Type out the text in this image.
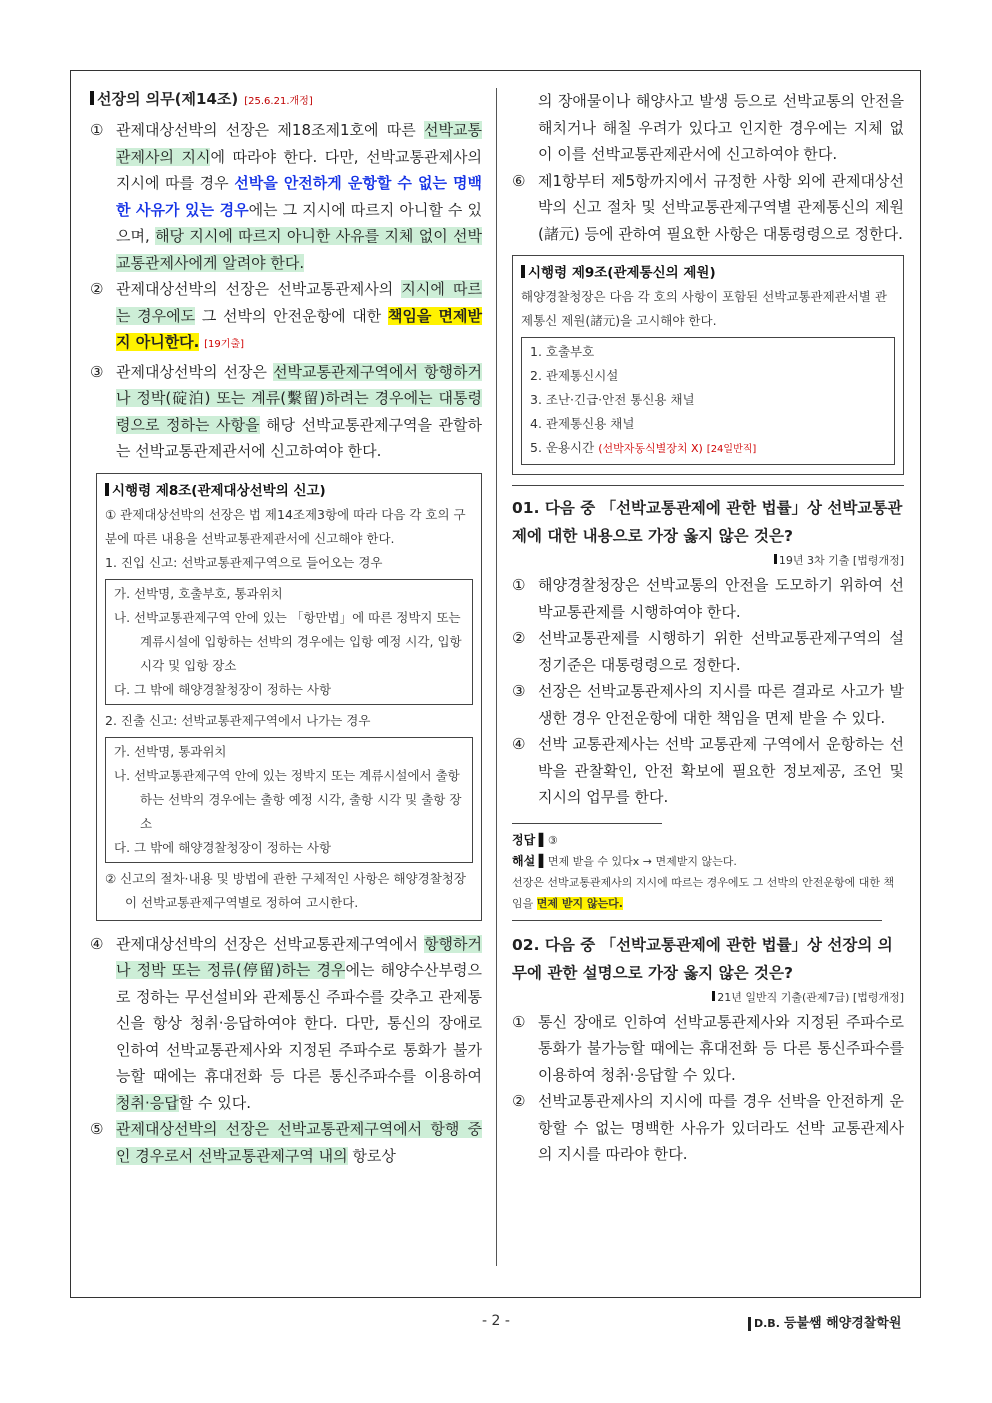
선장의 의무(제14조) [25.6.21.개정]

① 관제대상선박의 선장은 제18조제1호에 따른 선박교통관제사의 지시에 따라야 한다. 다만, 선박교통관제사의 지시에 따를 경우 선박을 안전하게 운항할 수 없는 명백한 사유가 있는 경우에는 그 지시에 따르지 아니할 수 있으며, 해당 지시에 따르지 아니한 사유를 지체 없이 선박교통관제사에게 알려야 한다.

② 관제대상선박의 선장은 선박교통관제사의 지시에 따르는 경우에도 그 선박의 안전운항에 대한 책임을 면제받지 아니한다. [19기출]

③ 관제대상선박의 선장은 선박교통관제구역에서 항행하거나 정박(碇泊) 또는 계류(繫留)하려는 경우에는 대통령령으로 정하는 사항을 해당 선박교통관제구역을 관할하는 선박교통관제관서에 신고하여야 한다.

시행령 제8조(관제대상선박의 신고)
① 관제대상선박의 선장은 법 제14조제3항에 따라 다음 각 호의 구분에 따른 내용을 선박교통관제관서에 신고해야 한다.
1. 진입 신고: 선박교통관제구역으로 들어오는 경우
가. 선박명, 호출부호, 통과위치
나. 선박교통관제구역 안에 있는 「항만법」에 따른 정박지 또는 계류시설에 입항하는 선박의 경우에는 입항 예정 시각, 입항 시각 및 입항 장소
다. 그 밖에 해양경찰청장이 정하는 사항
2. 진출 신고: 선박교통관제구역에서 나가는 경우
가. 선박명, 통과위치
나. 선박교통관제구역 안에 있는 정박지 또는 계류시설에서 출항하는 선박의 경우에는 출항 예정 시각, 출항 시각 및 출항 장소
다. 그 밖에 해양경찰청장이 정하는 사항
② 신고의 절차·내용 및 방법에 관한 구체적인 사항은 해양경찰청장이 선박교통관제구역별로 정하여 고시한다.

④ 관제대상선박의 선장은 선박교통관제구역에서 항행하거나 정박 또는 정류(停留)하는 경우에는 해양수산부령으로 정하는 무선설비와 관제통신 주파수를 갖추고 관제통신을 항상 청취·응답하여야 한다. 다만, 통신의 장애로 인하여 선박교통관제사와 지정된 주파수로 통화가 불가능할 때에는 휴대전화 등 다른 통신주파수를 이용하여 청취·응답할 수 있다.

⑤ 관제대상선박의 선장은 선박교통관제구역에서 항행 중인 경우로서 선박교통관제구역 내의 항로상

의 장애물이나 해양사고 발생 등으로 선박교통의 안전을 해치거나 해칠 우려가 있다고 인지한 경우에는 지체 없이 이를 선박교통관제관서에 신고하여야 한다.

⑥ 제1항부터 제5항까지에서 규정한 사항 외에 관제대상선박의 신고 절차 및 선박교통관제구역별 관제통신의 제원(諸元) 등에 관하여 필요한 사항은 대통령령으로 정한다.

시행령 제9조(관제통신의 제원)
해양경찰청장은 다음 각 호의 사항이 포함된 선박교통관제관서별 관제통신 제원(諸元)을 고시해야 한다.
1. 호출부호
2. 관제통신시설
3. 조난·긴급·안전 통신용 채널
4. 관제통신용 채널
5. 운용시간 (선박자동식별장치 X) [24일반직]

01. 다음 중 「선박교통관제에 관한 법률」상 선박교통관제에 대한 내용으로 가장 옳지 않은 것은?

19년 3차 기출 [법령개정]

① 해양경찰청장은 선박교통의 안전을 도모하기 위하여 선박교통관제를 시행하여야 한다.

② 선박교통관제를 시행하기 위한 선박교통관제구역의 설정기준은 대통령령으로 정한다.

③ 선장은 선박교통관제사의 지시를 따른 결과로 사고가 발생한 경우 안전운항에 대한 책임을 면제 받을 수 있다.

④ 선박 교통관제사는 선박 교통관제 구역에서 운항하는 선박을 관찰확인, 안전 확보에 필요한 정보제공, 조언 및 지시의 업무를 한다.

정답 ▌③
해설 ▌면제 받을 수 있다x → 면제받지 않는다.
선장은 선박교통관제사의 지시에 따르는 경우에도 그 선박의 안전운항에 대한 책임을 면제 받지 않는다.

02. 다음 중 「선박교통관제에 관한 법률」상 선장의 의무에 관한 설명으로 가장 옳지 않은 것은?

21년 일반직 기출(관제7급) [법령개정]

① 통신 장애로 인하여 선박교통관제사와 지정된 주파수로 통화가 불가능할 때에는 휴대전화 등 다른 통신주파수를 이용하여 청취·응답할 수 있다.

② 선박교통관제사의 지시에 따를 경우 선박을 안전하게 운항할 수 없는 명백한 사유가 있더라도 선박 교통관제사의 지시를 따라야 한다.

- 2 -	D.B. 등불쌤 해양경찰학원
